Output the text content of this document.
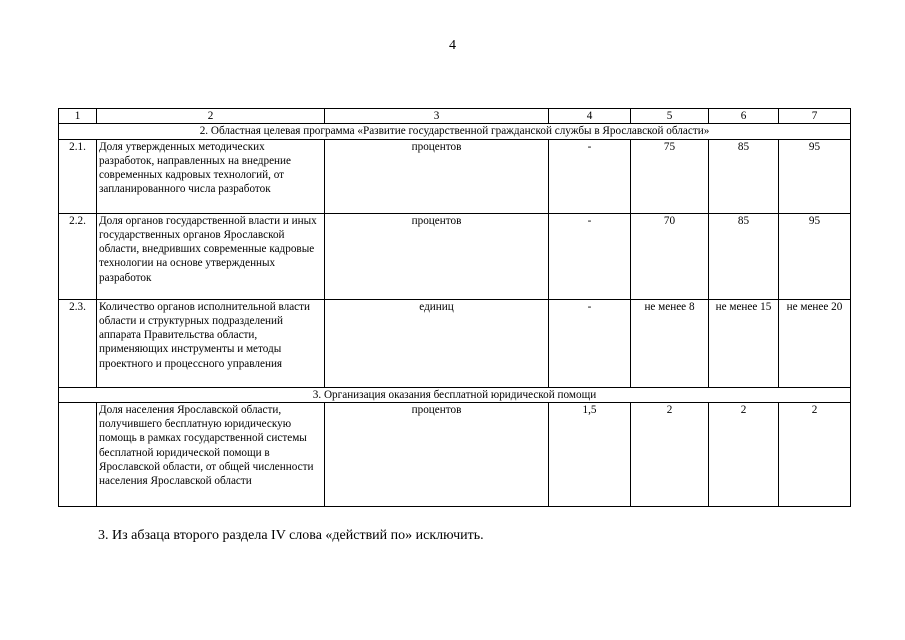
4
1	2	3	4	5	6	7
2. Областная целевая программа «Развитие государственной гражданской службы в Ярославской области»						
2.1.	Доля утвержденных методических разработок, направленных на внедрение современных кадровых технологий, от запланированного числа разработок	процентов	-	75	85	95
2.2.	Доля органов государственной власти и иных государственных органов Ярославской области, внедривших современные кадровые технологии на основе утвержденных разработок	процентов	-	70	85	95
2.3.	Количество органов исполнительной власти области и структурных подразделений аппарата Правительства области, применяющих инструменты и методы проектного и процессного управления	единиц	-	не менее 8	не менее 15	не менее 20
3. Организация оказания бесплатной юридической помощи						
	Доля населения Ярославской области, получившего бесплатную юридическую помощь в рамках государственной системы бесплатной юридической помощи в Ярославской области, от общей численности населения Ярославской области	процентов	1,5	2	2	2
3. Из абзаца второго раздела IV слова «действий по» исключить.
